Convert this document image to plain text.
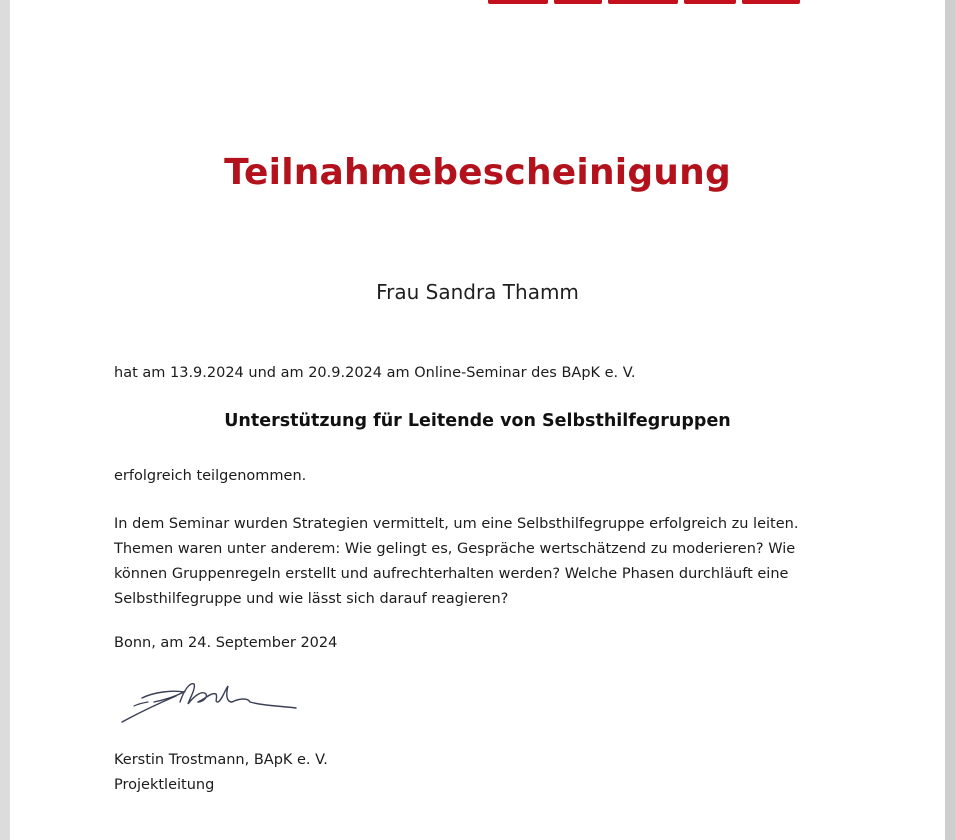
Teilnahmebescheinigung
Frau Sandra Thamm
hat am 13.9.2024 und am 20.9.2024 am Online-Seminar des BApK e. V.
Unterstützung für Leitende von Selbsthilfegruppen
erfolgreich teilgenommen.
In dem Seminar wurden Strategien vermittelt, um eine Selbsthilfegruppe erfolgreich zu leiten.
Themen waren unter anderem: Wie gelingt es, Gespräche wertschätzend zu moderieren? Wie
können Gruppenregeln erstellt und aufrechterhalten werden? Welche Phasen durchläuft eine
Selbsthilfegruppe und wie lässt sich darauf reagieren?
Bonn, am 24. September 2024
Kerstin Trostmann, BApK e. V.
Projektleitung
